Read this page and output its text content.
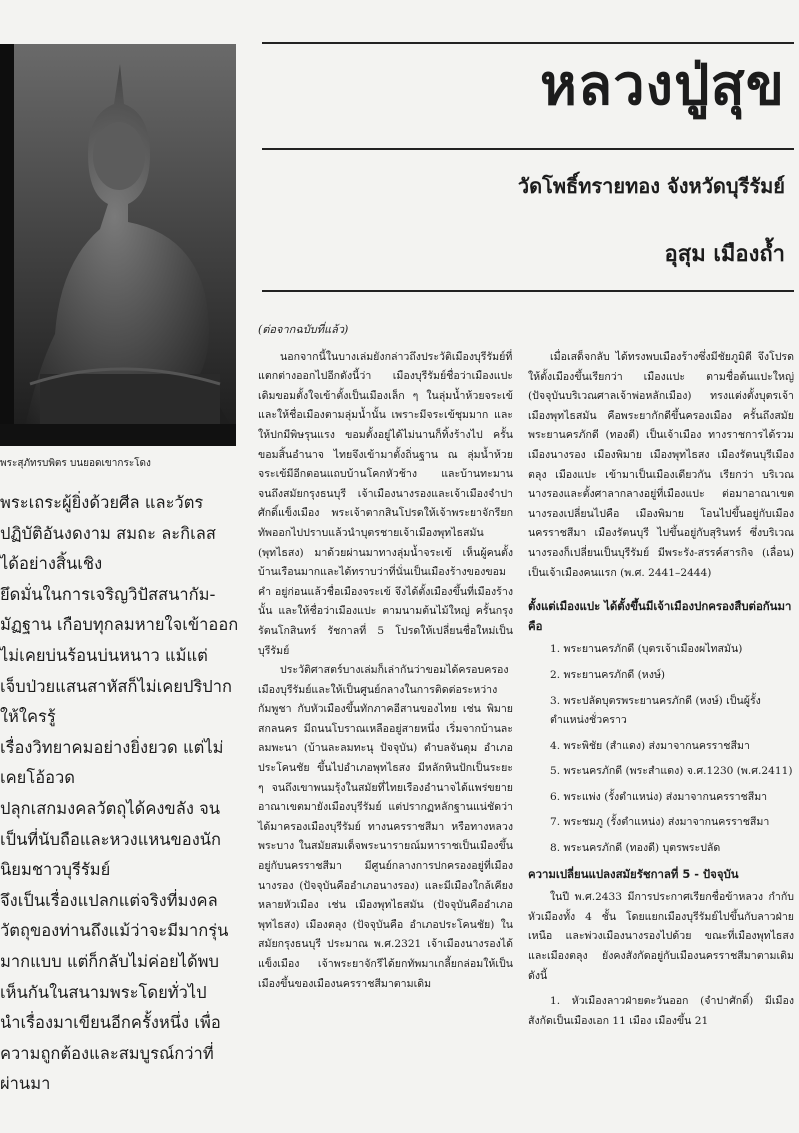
พระสุภัทรบพิตร บนยอดเขากระโดง
หลวงปู่สุข
วัดโพธิ์ทรายทอง จังหวัดบุรีรัมย์
อุสุม เมืองถ้ำ
พระเถระผู้ยิ่งด้วยศีล และวัตร
ปฏิบัติอันงดงาม สมถะ ละกิเลส
ได้อย่างสิ้นเชิง
ยึดมั่นในการเจริญวิปัสสนากัม-
มัฏฐาน เกือบทุกลมหายใจเข้าออก
ไม่เคยบ่นร้อนบ่นหนาว แม้แต่
เจ็บป่วยแสนสาหัสก็ไม่เคยปริปาก
ให้ใครรู้
เรื่องวิทยาคมอย่างยิ่งยวด แต่ไม่
เคยโอ้อวด
ปลุกเสกมงคลวัตถุได้คงขลัง จน
เป็นที่นับถือและหวงแหนของนัก
นิยมชาวบุรีรัมย์
จึงเป็นเรื่องแปลกแต่จริงที่มงคล
วัตถุของท่านถึงแม้ว่าจะมีมากรุ่น
มากแบบ แต่ก็กลับไม่ค่อยได้พบ
เห็นกันในสนามพระโดยทั่วไป
นำเรื่องมาเขียนอีกครั้งหนึ่ง เพื่อ
ความถูกต้องและสมบูรณ์กว่าที่
ผ่านมา

(ต่อจากฉบับที่แล้ว)

นอกจากนี้ในบางเล่มยังกล่าวถึงประวัติเมืองบุรีรัมย์ที่แตกต่างออกไปอีกดังนี้ว่า เมืองบุรีรัมย์ชื่อว่าเมืองแปะ เดิมขอมตั้งใจเข้าตั้งเป็นเมืองเล็ก ๆ ในลุ่มน้ำห้วยจระเข้ และให้ชื่อเมืองตามลุ่มน้ำนั้น เพราะมีจระเข้ชุมมาก และให้ปกมีพิษรุนแรง ขอมตั้งอยู่ได้ไม่นานก็ทิ้งร้างไป ครั้นขอมสิ้นอำนาจ ไทยจึงเข้ามาตั้งถิ่นฐาน ณ ลุ่มน้ำห้วยจระเข้มีอีกตอนแถบบ้านโคกหัวช้าง และบ้านทะมาน จนถึงสมัยกรุงธนบุรี เจ้าเมืองนางรองและเจ้าเมืองจำปาศักดิ์แข็งเมือง พระเจ้าตากสินโปรดให้เจ้าพระยาจักรียกทัพออกไปปราบแล้วนำบุตรชายเจ้าเมืองพุทไธสมัน (พุทไธสง) มาด้วยผ่านมาทางลุ่มน้ำจระเข้ เห็นผู้คนตั้งบ้านเรือนมากและได้ทราบว่าที่นั่นเป็นเมืองร้างของขอมคำ อยู่ก่อนแล้วชื่อเมืองจระเข้ จึงได้ตั้งเมืองขึ้นที่เมืองร้างนั้น และให้ชื่อว่าเมืองแปะ ตามนามต้นไม้ใหญ่ ครั้นกรุงรัตนโกสินทร์ รัชกาลที่ 5 โปรดให้เปลี่ยนชื่อใหม่เป็นบุรีรัมย์

ประวัติศาสตร์บางเล่มก็เล่ากันว่าขอมได้ครอบครองเมืองบุรีรัมย์และให้เป็นศูนย์กลางในการติดต่อระหว่างกัมพูชา กับหัวเมืองขึ้นทักภาคอีสานของไทย เช่น พิมาย สกลนคร มีถนนโบราณเหลืออยู่สายหนึ่ง เริ่มจากบ้านละลมพะนา (บ้านละลมทะนุ ปัจจุบัน) ตำบลจันดุม อำเภอประโคนชัย ขึ้นไปอำเภอพุทไธสง มีหลักหินปักเป็นระยะ ๆ จนถึงเขาพนมรุ้งในสมัยที่ไทยเรืองอำนาจได้แพร่ขยายอาณาเขตมายังเมืองบุรีรัมย์ แต่ปรากฏหลักฐานแน่ชัดว่าได้มาครองเมืองบุรีรัมย์ ทางนครราชสีมา หรือทางหลวงพระบาง ในสมัยสมเด็จพระนารายณ์มหาราชเป็นเมืองขึ้นอยู่กับนครราชสีมา มีศูนย์กลางการปกครองอยู่ที่เมืองนางรอง (ปัจจุบันคืออำเภอนางรอง) และมีเมืองใกล้เคียงหลายหัวเมือง เช่น เมืองพุทไธสมัน (ปัจจุบันคืออำเภอพุทไธสง) เมืองตลุง (ปัจจุบันคือ อำเภอประโคนชัย) ในสมัยกรุงธนบุรี ประมาณ พ.ศ.2321 เจ้าเมืองนางรองได้แข็งเมือง เจ้าพระยาจักรีได้ยกทัพมาเกลี้ยกล่อมให้เป็นเมืองขึ้นของเมืองนครราชสีมาตามเดิม

เมื่อเสด็จกลับ ได้ทรงพบเมืองร้างซึ่งมีชัยภูมิดี จึงโปรดให้ตั้งเมืองขึ้นเรียกว่า เมืองแปะ ตามชื่อต้นแปะใหญ่ (ปัจจุบันบริเวณศาลเจ้าพ่อหลักเมือง) ทรงแต่งตั้งบุตรเจ้าเมืองพุทไธสมัน คือพระยากักดีขึ้นครองเมือง ครั้นถึงสมัยพระยานครภักดี (ทองดี) เป็นเจ้าเมือง ทางราชการได้รวมเมืองนางรอง เมืองพิมาย เมืองพุทไธสง เมืองรัตนบุรีเมืองตลุง เมืองแปะ เข้ามาเป็นเมืองเดียวกัน เรียกว่า บริเวณนางรองและตั้งศาลากลางอยู่ที่เมืองแปะ ต่อมาอาณาเขตนางรองเปลี่ยนไปคือ เมืองพิมาย โอนไปขึ้นอยู่กับเมืองนครราชสีมา เมืองรัตนบุรี ไปขึ้นอยู่กับสุรินทร์ ซึ่งบริเวณนางรองก็เปลี่ยนเป็นบุรีรัมย์ มีพระรัง-สรรค์สารกิจ (เลื่อน) เป็นเจ้าเมืองคนแรก (พ.ศ. 2441–2444)

ตั้งแต่เมืองแปะ ได้ตั้งขึ้นมีเจ้าเมืองปกครองสืบต่อกันมาคือ

1. พระยานครภักดี (บุตรเจ้าเมืองผไทสมัน)

2. พระยานครภักดี (หงษ์)

3. พระปลัดบุตรพระยานครภักดี (หงษ์) เป็นผู้รั้งตำแหน่งชั่วคราว

4. พระพิชัย (สำแดง) ส่งมาจากนครราชสีมา

5. พระนครภักดี (พระสำแดง) จ.ศ.1230 (พ.ศ.2411)

6. พระแพ่ง (รั้งตำแหน่ง) ส่งมาจากนครราชสีมา

7. พระชมภู (รั้งตำแหน่ง) ส่งมาจากนครราชสีมา

8. พระนครภักดี (ทองดี) บุตรพระปลัด

ความเปลี่ยนแปลงสมัยรัชกาลที่ 5 - ปัจจุบัน

ในปี พ.ศ.2433 มีการประกาศเรียกชื่อข้าหลวง กำกับหัวเมืองทั้ง 4 ชั้น โดยแยกเมืองบุรีรัมย์ไปขึ้นกับลาวฝ่ายเหนือ และพ่วงเมืองนางรองไปด้วย ขณะที่เมืองพุทไธสง และเมืองตลุง ยังคงสังกัดอยู่กับเมืองนครราชสีมาตามเดิม ดังนี้

1. หัวเมืองลาวฝ่ายตะวันออก (จำปาศักดิ์) มีเมืองสังกัดเป็นเมืองเอก 11 เมือง เมืองขึ้น 21
